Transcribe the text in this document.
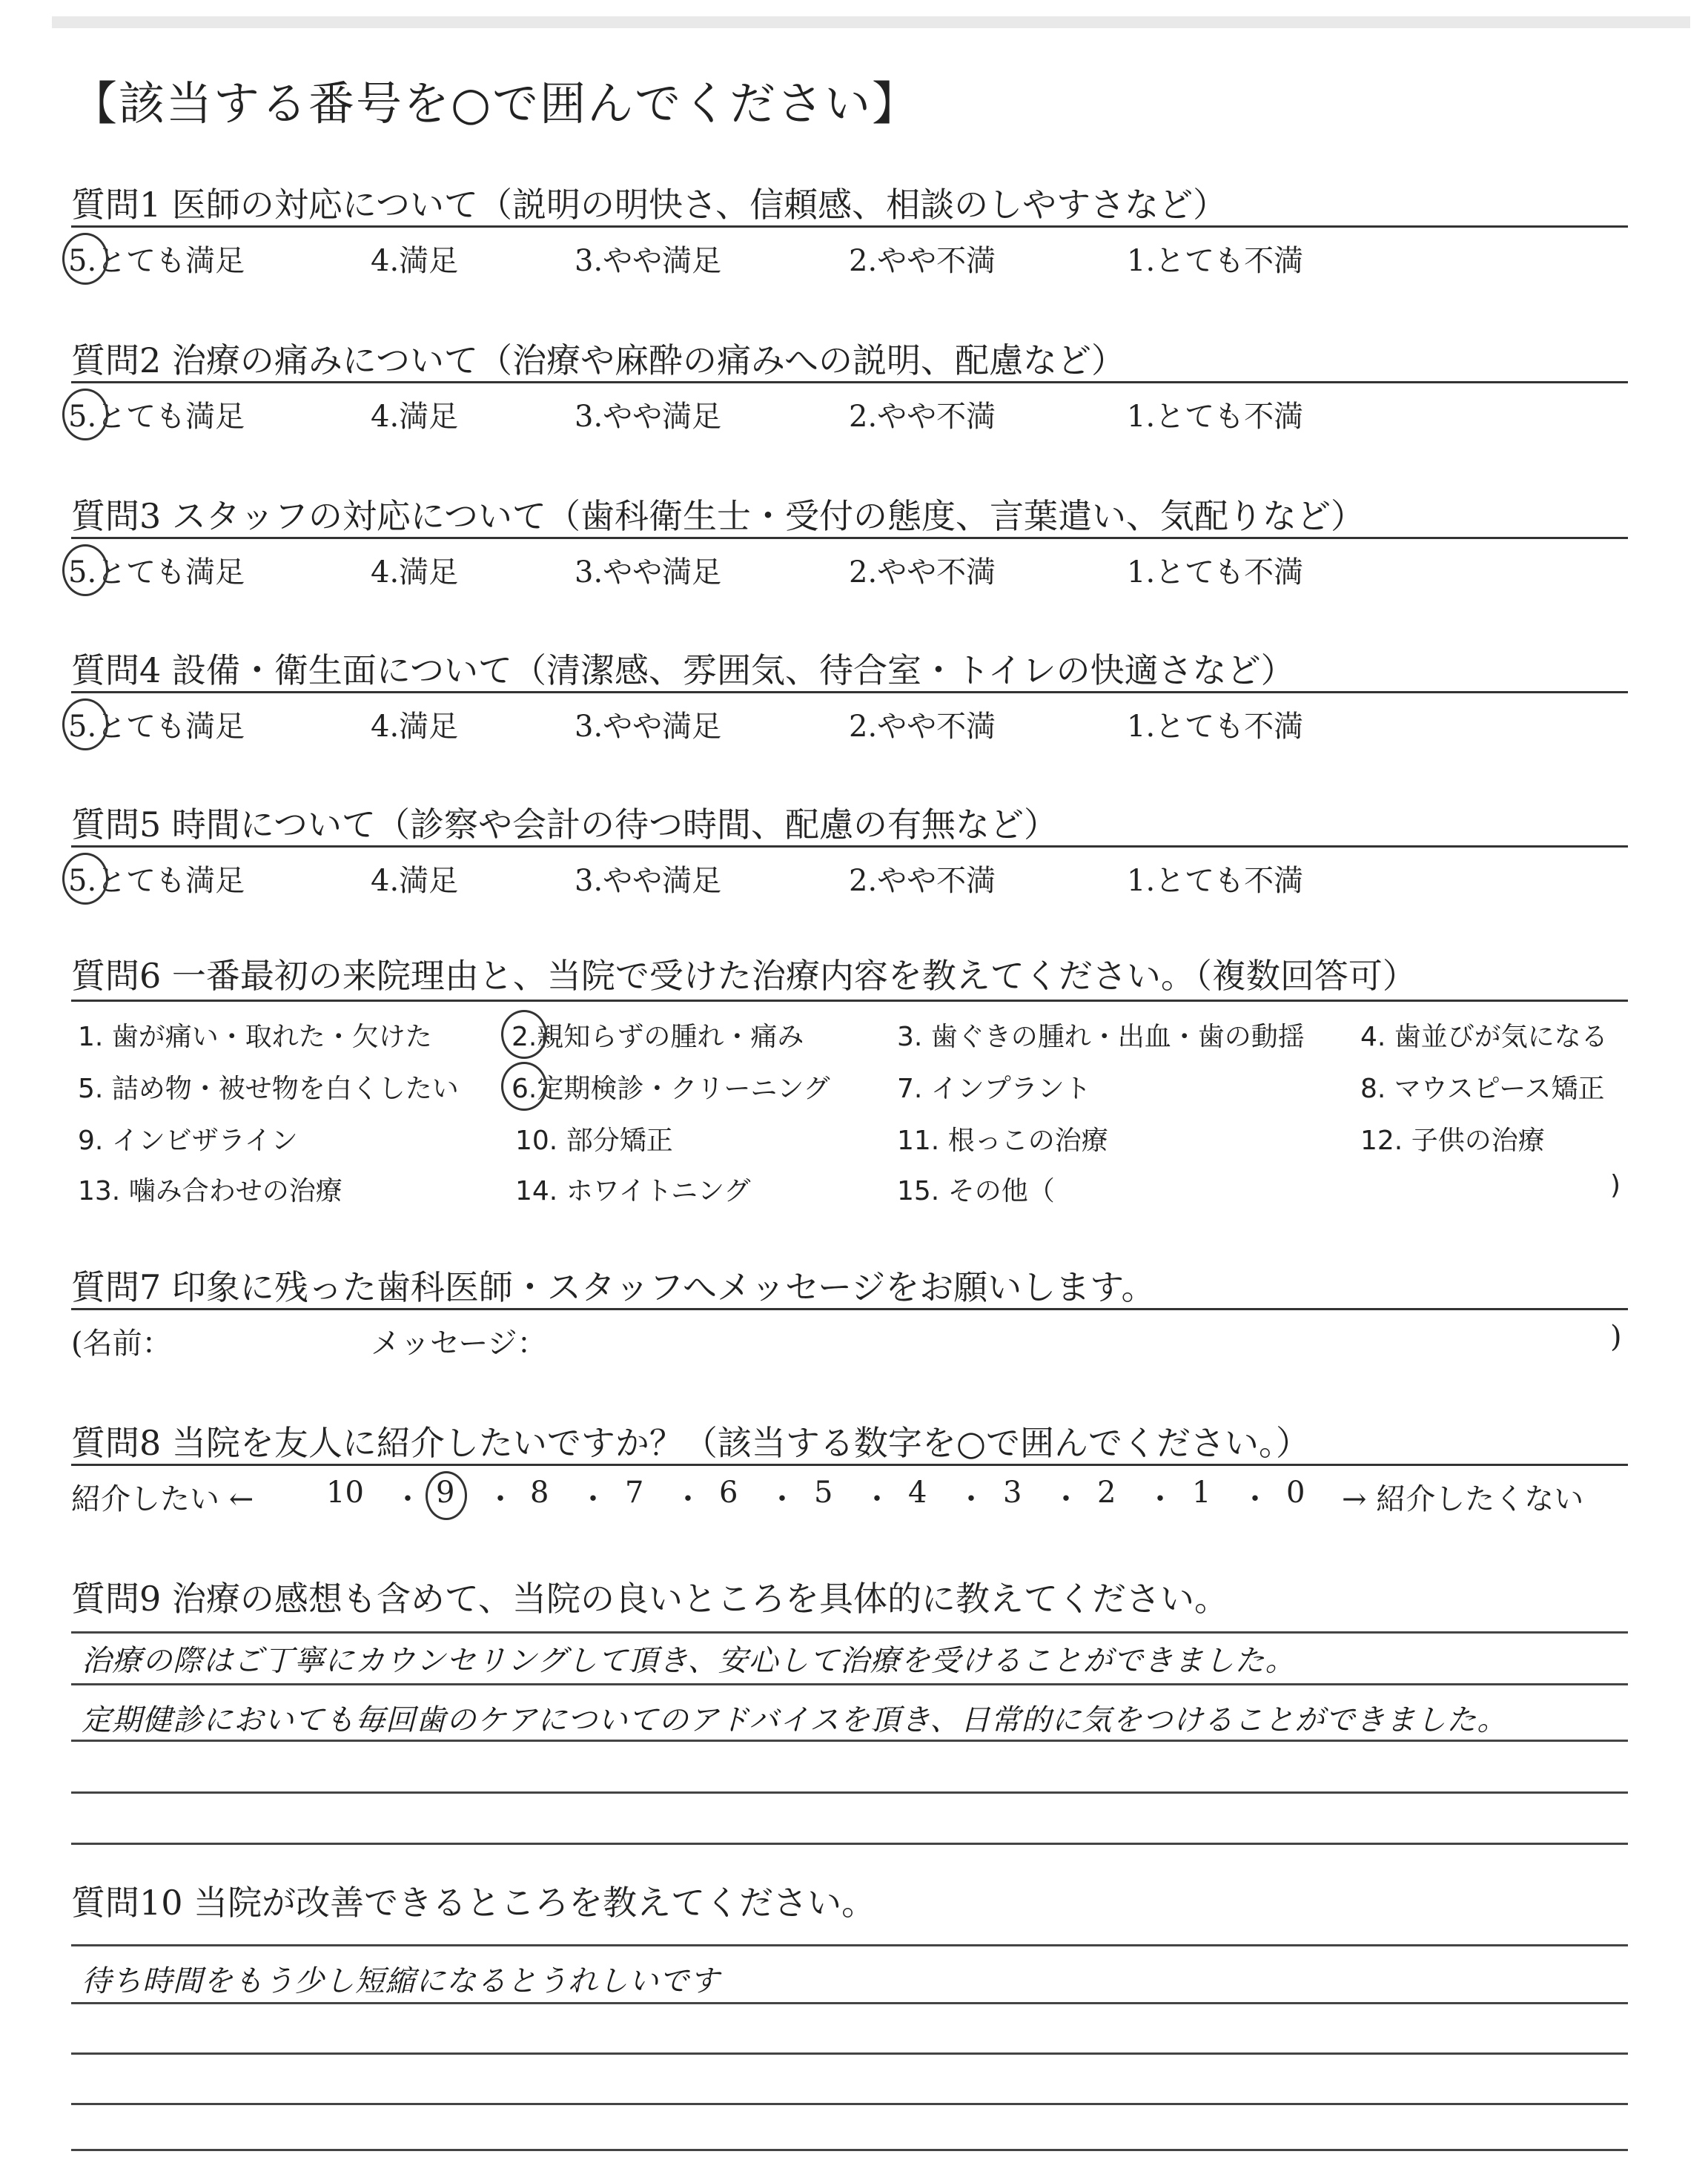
【該当する番号を○で囲んでください】
質問1 医師の対応について（説明の明快さ、信頼感、相談のしやすさなど）
5.とても満足	4.満足	3.やや満足	2.やや不満	1.とても不満
質問2 治療の痛みについて（治療や麻酔の痛みへの説明、配慮など）
5.とても満足	4.満足	3.やや満足	2.やや不満	1.とても不満
質問3 スタッフの対応について（歯科衛生士・受付の態度、言葉遣い、気配りなど）
5.とても満足	4.満足	3.やや満足	2.やや不満	1.とても不満
質問4 設備・衛生面について（清潔感、雰囲気、待合室・トイレの快適さなど）
5.とても満足	4.満足	3.やや満足	2.やや不満	1.とても不満
質問5 時間について（診察や会計の待つ時間、配慮の有無など）
5.とても満足	4.満足	3.やや満足	2.やや不満	1.とても不満
質問6 一番最初の来院理由と、当院で受けた治療内容を教えてください。（複数回答可）
1. 歯が痛い・取れた・欠けた	2.親知らずの腫れ・痛み	3. 歯ぐきの腫れ・出血・歯の動揺 4. 歯並びが気になる
5. 詰め物・被せ物を白くしたい 6.定期検診・クリーニング	7. インプラント	8. マウスピース矯正
9. インビザライン	10. 部分矯正	11. 根っこの治療	12. 子供の治療
13. 噛み合わせの治療	14. ホワイトニング	15. その他（	)
質問7 印象に残った歯科医師・スタッフへメッセージをお願いします。
(名前：	メッセージ：	)
質問8 当院を友人に紹介したいですか？（該当する数字を○で囲んでください。）
紹介したい ← 10 ・ 9 ・ 8 ・ 7 ・ 6 ・ 5 ・ 4 ・ 3 ・ 2 ・ 1 ・ 0 → 紹介したくない
質問9 治療の感想も含めて、当院の良いところを具体的に教えてください。
治療の際はご丁寧にカウンセリングして頂き、安心して治療を受けることができました。
定期健診においても毎回歯のケアについてのアドバイスを頂き、日常的に気をつけることができました。
質問10 当院が改善できるところを教えてください。
待ち時間をもう少し短縮になるとうれしいです
